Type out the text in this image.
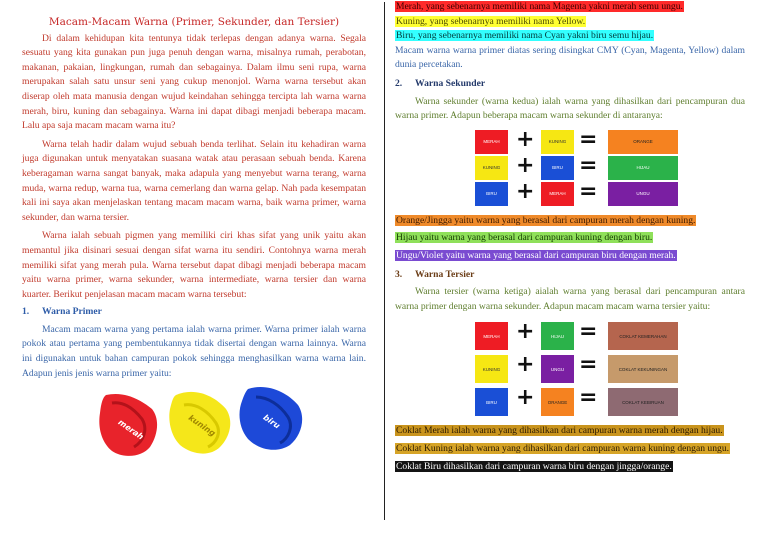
Macam-Macam Warna (Primer, Sekunder, dan Tersier)

Di dalam kehidupan kita tentunya tidak terlepas dengan adanya warna. Segala sesuatu yang kita gunakan pun juga penuh dengan warna, misalnya rumah, perabotan, makanan, pakaian, lingkungan, rumah dan sebagainya. Dalam ilmu seni rupa, warna merupakan salah satu unsur seni yang cukup menonjol. Warna warna tersebut akan diserap oleh mata manusia dengan wujud keindahan sehingga tercipta lah warna warna merah, biru, kuning dan sebagainya. Warna ini dapat dibagi menjadi beberapa macam. Lalu apa saja macam macam warna itu?

Warna telah hadir dalam wujud sebuah benda terlihat. Selain itu kehadiran warna juga digunakan untuk menyatakan suasana watak atau perasaan sebuah benda. Karena keberagaman warna sangat banyak, maka adapula yang menyebut warna terang, warna muda, warna redup, warna tua, warna cemerlang dan warna gelap. Nah pada kesempatan kali ini saya akan menjelaskan tentang macam macam warna, baik warna primer, warna sekunder, dan warna tersier.

Warna ialah sebuah pigmen yang memiliki ciri khas sifat yang unik yaitu akan memantul jika disinari sesuai dengan sifat warna itu sendiri. Contohnya warna merah memiliki sifat yang merah pula. Warna tersebut dapat dibagi menjadi beberapa macam yaitu warna primer, warna sekunder, warna intermediate, warna tersier dan warna kuarter. Berikut penjelasan macam macam warna tersebut:

1. Warna Primer

Macam macam warna yang pertama ialah warna primer. Warna primer ialah warna pokok atau pertama yang pembentukannya tidak disertai dengan warna lainnya. Warna ini digunakan untuk bahan campuran pokok sehingga menghasilkan warna warna lain. Adapun jenis jenis warna primer yaitu:

merah	kuning	biru

Merah, yang sebenarnya memiliki nama Magenta yakni merah semu ungu.

Kuning, yang sebenarnya memiliki nama Yellow.

Biru, yang sebenarnya memiliki nama Cyan yakni biru semu hijau.

Macam warna warna primer diatas sering disingkat CMY (Cyan, Magenta, Yellow) dalam dunia percetakan.

2. Warna Sekunder

Warna sekunder (warna kedua) ialah warna yang dihasilkan dari pencampuran dua warna primer. Adapun beberapa macam warna sekunder di antaranya:

MERAH +	KUNING =	ORANGE
KUNING +	BIRU =	HIJAU
BIRU +	MERAH =	UNGU

Orange/Jingga yaitu warna yang berasal dari campuran merah dengan kuning.

Hijau yaitu warna yang berasal dari campuran kuning dengan biru.

Ungu/Violet yaitu warna yang berasal dari campuran biru dengan merah.

3. Warna Tersier

Warna tersier (warna ketiga) aialah warna yang berasal dari pencampuran antara warna primer dengan warna sekunder. Adapun macam macam warna tersier yaitu:

MERAH +	HIJAU =	COKLAT KEMERAHAN
KUNING +	UNGU =	COKLAT KEKUNINGAN
BIRU +	ORANGE =	COKLAT KEBIRUAN

Coklat Merah ialah warna yang dihasilkan dari campuran warna merah dengan hijau.

Coklat Kuning ialah warna yang dihasilkan dari campuran warna kuning dengan ungu.

Coklat Biru dihasilkan dari campuran warna biru dengan jingga/orange.
